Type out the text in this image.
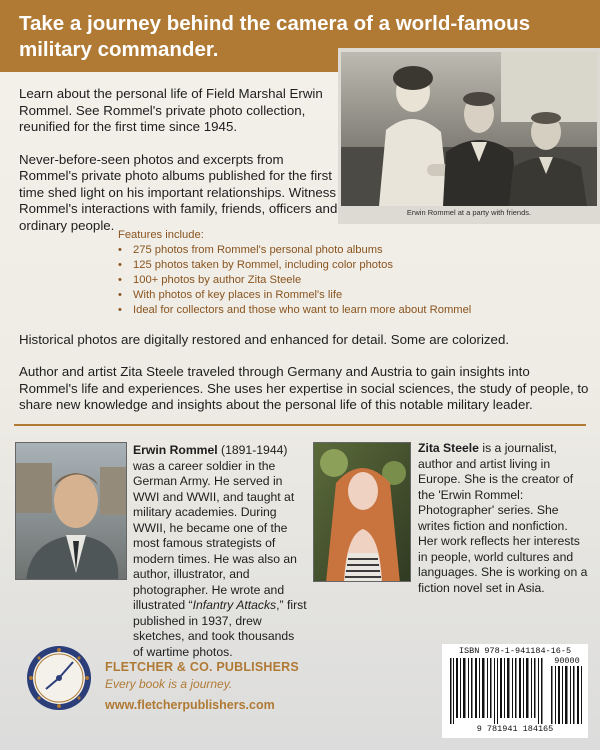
Take a journey behind the camera of a world-famous military commander.

Learn about the personal life of Field Marshal Erwin Rommel. See Rommel's private photo collection, reunified for the first time since 1945.

Never-before-seen photos and excerpts from Rommel's private photo albums published for the first time shed light on his important relationships. Witness Rommel's interactions with family, friends, officers and ordinary people.

Erwin Rommel at a party with friends.
Features include:
• 275 photos from Rommel's personal photo albums
• 125 photos taken by Rommel, including color photos
• 100+ photos by author Zita Steele
• With photos of key places in Rommel's life
• Ideal for collectors and those who want to learn more about Rommel
Historical photos are digitally restored and enhanced for detail. Some are colorized.
Author and artist Zita Steele traveled through Germany and Austria to gain insights into Rommel's life and experiences. She uses her expertise in social sciences, the study of people, to share new knowledge and insights about the personal life of this notable military leader.
Erwin Rommel (1891-1944) was a career soldier in the German Army. He served in WWI and WWII, and taught at military academies. During WWII, he became one of the most famous strategists of modern times. He was also an author, illustrator, and photographer. He wrote and illustrated “Infantry Attacks,” first published in 1937, drew sketches, and took thousands of wartime photos.
Zita Steele is a journalist, author and artist living in Europe. She is the creator of the 'Erwin Rommel: Photographer' series. She writes fiction and nonfiction. Her work reflects her interests in people, world cultures and languages. She is working on a fiction novel set in Asia.
FLETCHER & CO. PUBLISHERS
Every book is a journey.
www.fletcherpublishers.com
ISBN 978-1-941184-16-5
90000
9 781941 184165
